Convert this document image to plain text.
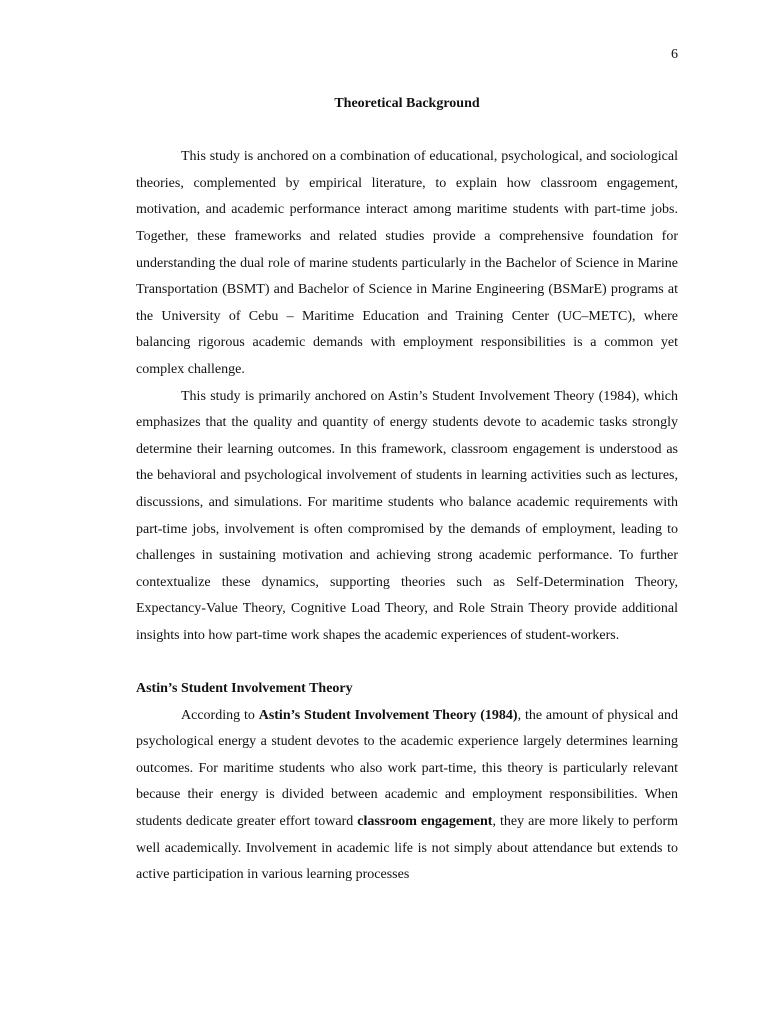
6
Theoretical Background

This study is anchored on a combination of educational, psychological, and sociological theories, complemented by empirical literature, to explain how classroom engagement, motivation, and academic performance interact among maritime students with part-time jobs. Together, these frameworks and related studies provide a comprehensive foundation for understanding the dual role of marine students particularly in the Bachelor of Science in Marine Transportation (BSMT) and Bachelor of Science in Marine Engineering (BSMarE) programs at the University of Cebu – Maritime Education and Training Center (UC–METC), where balancing rigorous academic demands with employment responsibilities is a common yet complex challenge.

This study is primarily anchored on Astin’s Student Involvement Theory (1984), which emphasizes that the quality and quantity of energy students devote to academic tasks strongly determine their learning outcomes. In this framework, classroom engagement is understood as the behavioral and psychological involvement of students in learning activities such as lectures, discussions, and simulations. For maritime students who balance academic requirements with part-time jobs, involvement is often compromised by the demands of employment, leading to challenges in sustaining motivation and achieving strong academic performance. To further contextualize these dynamics, supporting theories such as Self-Determination Theory, Expectancy-Value Theory, Cognitive Load Theory, and Role Strain Theory provide additional insights into how part-time work shapes the academic experiences of student-workers.

Astin’s Student Involvement Theory

According to Astin’s Student Involvement Theory (1984), the amount of physical and psychological energy a student devotes to the academic experience largely determines learning outcomes. For maritime students who also work part-time, this theory is particularly relevant because their energy is divided between academic and employment responsibilities. When students dedicate greater effort toward classroom engagement, they are more likely to perform well academically. Involvement in academic life is not simply about attendance but extends to active participation in various learning processes
